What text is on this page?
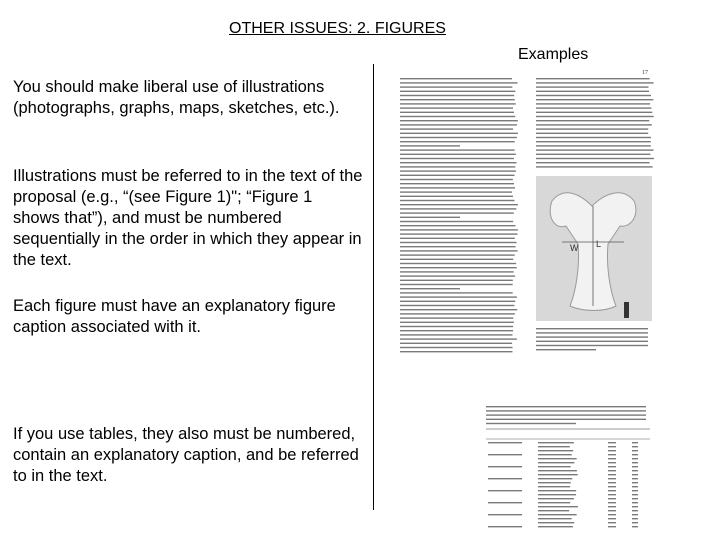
OTHER ISSUES: 2. FIGURES
Examples

You should make liberal use of illustrations (photographs, graphs, maps, sketches, etc.).

Illustrations must be referred to in the text of the proposal (e.g., “(see Figure 1)"; “Figure 1 shows that”), and must be numbered sequentially in the order in which they appear in the text.

Each figure must have an explanatory figure caption associated with it.

If you use tables, they also must be numbered, contain an explanatory caption, and be referred to in the text.

17
W L
